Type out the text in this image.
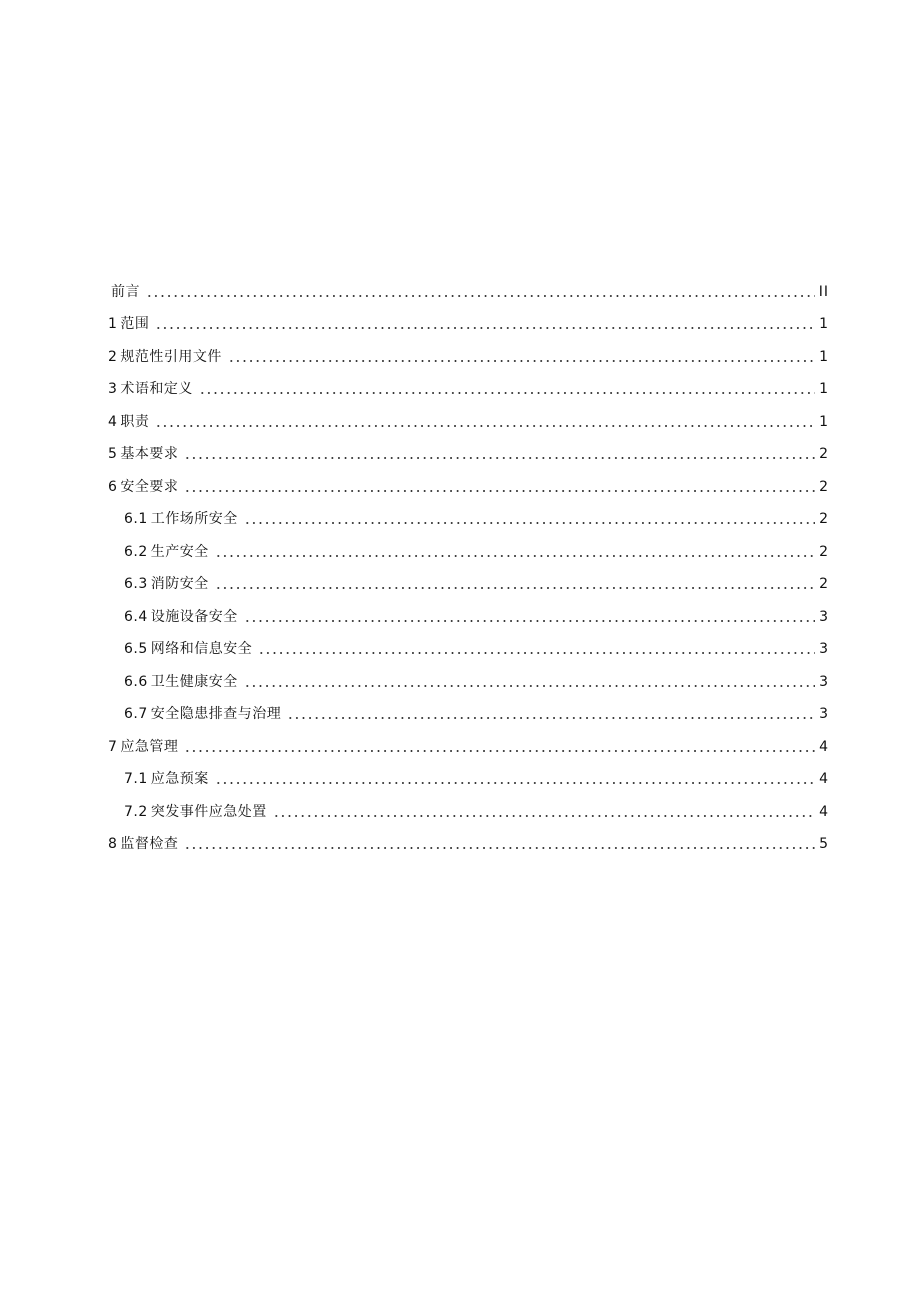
前言	II
1 范围	1
2 规范性引用文件	1
3 术语和定义	1
4 职责	1
5 基本要求	2
6 安全要求	2
6.1 工作场所安全	2
6.2 生产安全	2
6.3 消防安全	2
6.4 设施设备安全	3
6.5 网络和信息安全	3
6.6 卫生健康安全	3
6.7 安全隐患排查与治理	3
7 应急管理	4
7.1 应急预案	4
7.2 突发事件应急处置	4
8 监督检查	5
